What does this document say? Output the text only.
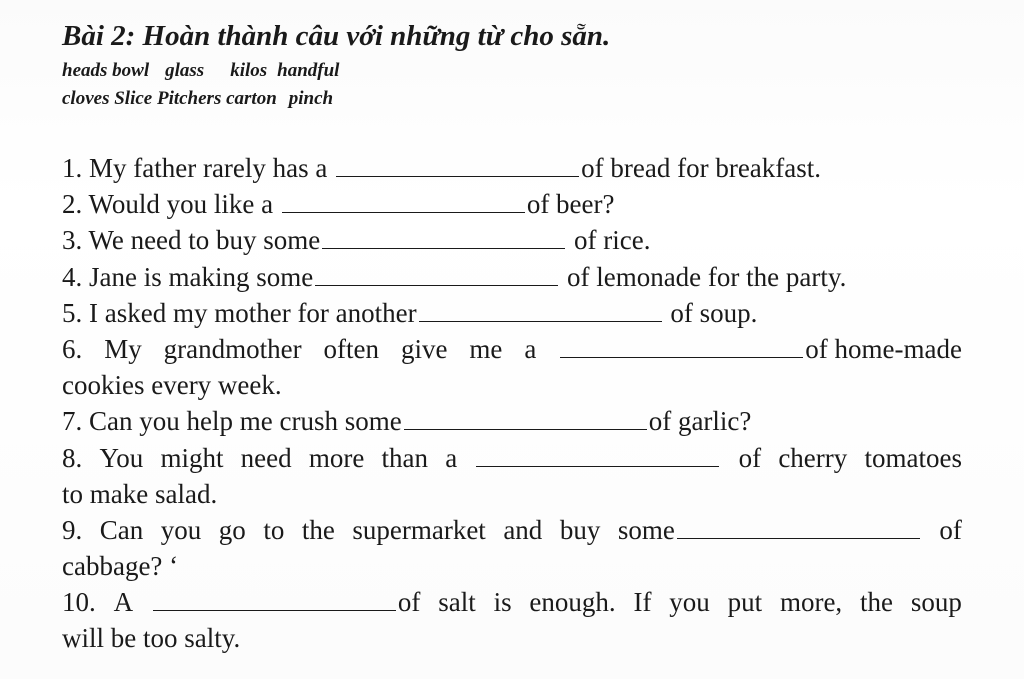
Bài 2: Hoàn thành câu với những từ cho sẵn.
heads bowl glass kilos handful
cloves Slice Pitchers carton pinch
1. My father rarely has a	of bread for breakfast.
2. Would you like a	of beer?
3. We need to buy some	of rice.
4. Jane is making some	of lemonade for the party.
5. I asked my mother for another	of soup.
6. My grandmother often give me a	of home-made
cookies every week.
7. Can you help me crush some	of garlic?
8. You might need more than a	of cherry tomatoes
to make salad.
9. Can you go to the supermarket and buy some	of
cabbage? ‘
10. A	of salt is enough. If you put more, the soup
will be too salty.
